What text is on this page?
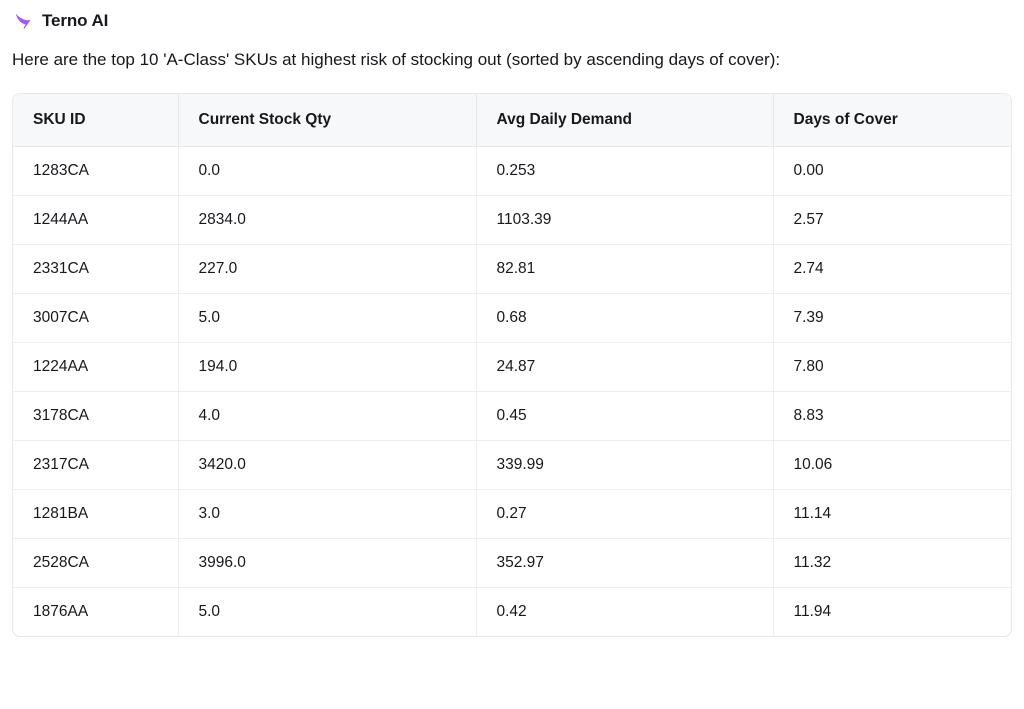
Terno AI

Here are the top 10 'A-Class' SKUs at highest risk of stocking out (sorted by ascending days of cover):

SKU ID	Current Stock Qty	Avg Daily Demand	Days of Cover
1283CA	0.0	0.253	0.00
1244AA	2834.0	1103.39	2.57
2331CA	227.0	82.81	2.74
3007CA	5.0	0.68	7.39
1224AA	194.0	24.87	7.80
3178CA	4.0	0.45	8.83
2317CA	3420.0	339.99	10.06
1281BA	3.0	0.27	11.14
2528CA	3996.0	352.97	11.32
1876AA	5.0	0.42	11.94
